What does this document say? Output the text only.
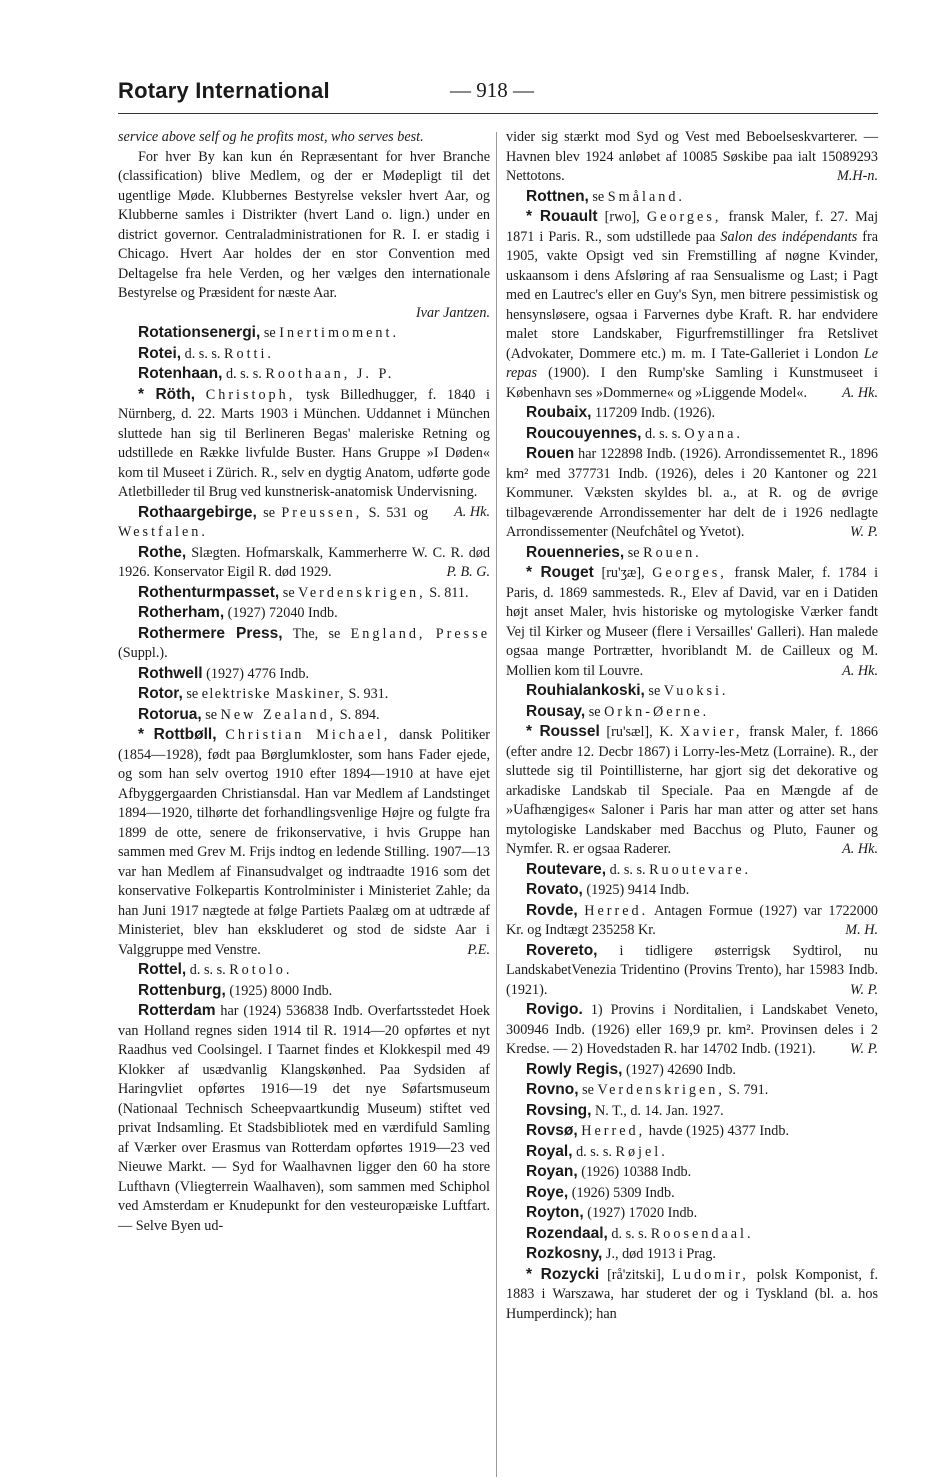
Rotary International	— 918 —

service above self og he profits most, who serves best.

For hver By kan kun én Repræsentant for hver Branche (classification) blive Medlem, og der er Mødepligt til det ugentlige Møde. Klubbernes Bestyrelse veksler hvert Aar, og Klubberne samles i Distrikter (hvert Land o. lign.) under en district governor. Centraladministrationen for R. I. er stadig i Chicago. Hvert Aar holdes der en stor Convention med Deltagelse fra hele Verden, og her vælges den internationale Bestyrelse og Præsident for næste Aar.

Ivar Jantzen.

Rotationsenergi, se Inertimoment.

Rotei, d. s. s. Rotti.

Rotenhaan, d. s. s. Roothaan, J. P.

* Röth, Christoph, tysk Billedhugger, f. 1840 i Nürnberg, d. 22. Marts 1903 i München. Uddannet i München sluttede han sig til Berlineren Begas' maleriske Retning og udstillede en Række livfulde Buster. Hans Gruppe »I Døden« kom til Museet i Zürich. R., selv en dygtig Anatom, udførte gode Atletbilleder til Brug ved kunstnerisk-anatomisk Undervisning.
A. Hk.

Rothaargebirge, se Preussen, S. 531 og Westfalen.

Rothe, Slægten. Hofmarskalk, Kammerherre W. C. R. død 1926. Konservator Eigil R. død 1929.	P. B. G.

Rothenturmpasset, se Verdenskrigen, S. 811.

Rotherham, (1927) 72040 Indb.

Rothermere Press, The, se England, Presse (Suppl.).

Rothwell (1927) 4776 Indb.

Rotor, se elektriske Maskiner, S. 931.

Rotorua, se New Zealand, S. 894.

* Rottbøll, Christian Michael, dansk Politiker (1854—1928), født paa Børglumkloster, som hans Fader ejede, og som han selv overtog 1910 efter 1894—1910 at have ejet Afbyggergaarden Christiansdal. Han var Medlem af Landstinget 1894—1920, tilhørte det forhandlingsvenlige Højre og fulgte fra 1899 de otte, senere de frikonservative, i hvis Gruppe han sammen med Grev M. Frijs indtog en ledende Stilling. 1907—13 var han Medlem af Finansudvalget og indtraadte 1916 som det konservative Folkepartis Kontrolminister i Ministeriet Zahle; da han Juni 1917 nægtede at følge Partiets Paalæg om at udtræde af Ministeriet, blev han ekskluderet og stod de sidste Aar i Valggruppe med Venstre.	P.E.

Rottel, d. s. s. Rotolo.

Rottenburg, (1925) 8000 Indb.

Rotterdam har (1924) 536838 Indb. Overfartsstedet Hoek van Holland regnes siden 1914 til R. 1914—20 opførtes et nyt Raadhus ved Coolsingel. I Taarnet findes et Klokkespil med 49 Klokker af usædvanlig Klangskønhed. Paa Sydsiden af Haringvliet opførtes 1916—19 det nye Søfartsmuseum (Nationaal Technisch Scheepvaartkundig Museum) stiftet ved privat Indsamling. Et Stadsbibliotek med en værdifuld Samling af Værker over Erasmus van Rotterdam opførtes 1919—23 ved Nieuwe Markt. — Syd for Waalhavnen ligger den 60 ha store Lufthavn (Vliegterrein Waalhaven), som sammen med Schiphol ved Amsterdam er Knudepunkt for den vesteuropæiske Luftfart. — Selve Byen ud-

vider sig stærkt mod Syd og Vest med Beboelseskvarterer. — Havnen blev 1924 anløbet af 10085 Søskibe paa ialt 15089293 Nettotons.	M.H-n.

Rottnen, se Småland.

* Rouault [rwo], Georges, fransk Maler, f. 27. Maj 1871 i Paris. R., som udstillede paa Salon des indépendants fra 1905, vakte Opsigt ved sin Fremstilling af nøgne Kvinder, uskaansom i dens Afsløring af raa Sensualisme og Last; i Pagt med en Lautrec's eller en Guy's Syn, men bitrere pessimistisk og hensynsløsere, ogsaa i Farvernes dybe Kraft. R. har endvidere malet store Landskaber, Figurfremstillinger fra Retslivet (Advokater, Dommere etc.) m. m. I Tate-Galleriet i London Le repas (1900). I den Rump'ske Samling i Kunstmuseet i København ses »Dommerne« og »Liggende Model«.	A. Hk.

Roubaix, 117209 Indb. (1926).

Roucouyennes, d. s. s. Oyana.

Rouen har 122898 Indb. (1926). Arrondissementet R., 1896 km² med 377731 Indb. (1926), deles i 20 Kantoner og 221 Kommuner. Væksten skyldes bl. a., at R. og de øvrige tilbageværende Arrondissementer har delt de i 1926 nedlagte Arrondissementer (Neufchâtel og Yvetot).	W. P.

Rouenneries, se Rouen.

* Rouget [ru'ʒæ], Georges, fransk Maler, f. 1784 i Paris, d. 1869 sammesteds. R., Elev af David, var en i Datiden højt anset Maler, hvis historiske og mytologiske Værker fandt Vej til Kirker og Museer (flere i Versailles' Galleri). Han malede ogsaa mange Portrætter, hvoriblandt M. de Cailleux og M. Mollien kom til Louvre.	A. Hk.

Rouhialankoski, se Vuoksi.

Rousay, se Orkn-Øerne.

* Roussel [ru'sæl], K. Xavier, fransk Maler, f. 1866 (efter andre 12. Decbr 1867) i Lorry-les-Metz (Lorraine). R., der sluttede sig til Pointillisterne, har gjort sig det dekorative og arkadiske Landskab til Speciale. Paa en Mængde af de »Uafhængiges« Saloner i Paris har man atter og atter set hans mytologiske Landskaber med Bacchus og Pluto, Fauner og Nymfer. R. er ogsaa Raderer.	A. Hk.

Routevare, d. s. s. Ruoutevare.

Rovato, (1925) 9414 Indb.

Rovde, Herred. Antagen Formue (1927) var 1722000 Kr. og Indtægt 235258 Kr.	M. H.

Rovereto, i tidligere østerrigsk Sydtirol, nu LandskabetVenezia Tridentino (Provins Trento), har 15983 Indb. (1921).	W. P.

Rovigo. 1) Provins i Norditalien, i Landskabet Veneto, 300946 Indb. (1926) eller 169,9 pr. km². Provinsen deles i 2 Kredse. — 2) Hovedstaden R. har 14702 Indb. (1921).	W. P.

Rowly Regis, (1927) 42690 Indb.

Rovno, se Verdenskrigen, S. 791.

Rovsing, N. T., d. 14. Jan. 1927.

Rovsø, Herred, havde (1925) 4377 Indb.

Royal, d. s. s. Røjel.

Royan, (1926) 10388 Indb.

Roye, (1926) 5309 Indb.

Royton, (1927) 17020 Indb.

Rozendaal, d. s. s. Roosendaal.

Rozkosny, J., død 1913 i Prag.

* Rozycki [rå'zitski], Ludomir, polsk Komponist, f. 1883 i Warszawa, har studeret der og i Tyskland (bl. a. hos Humperdinck); han
